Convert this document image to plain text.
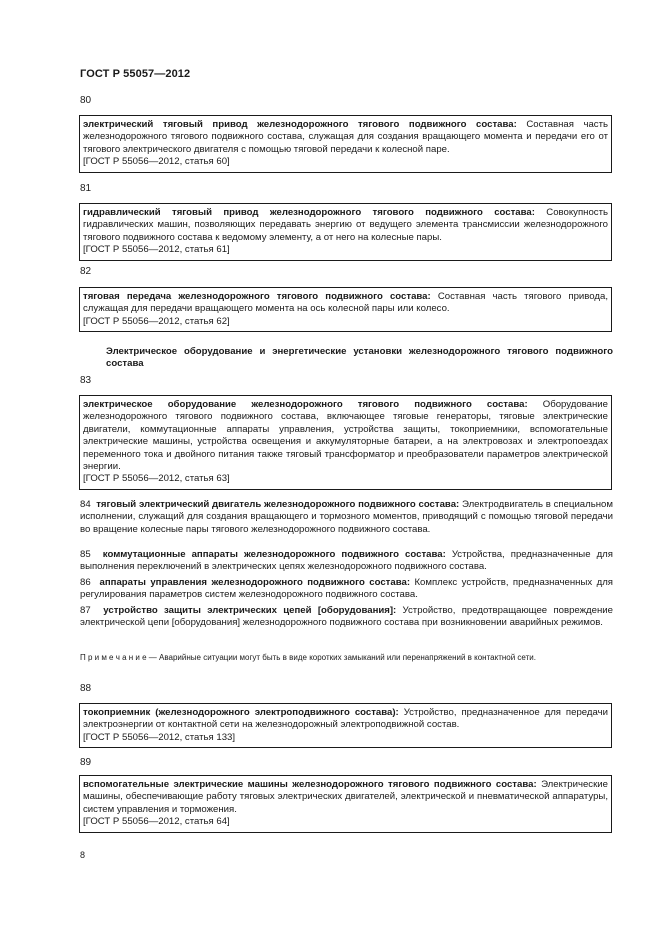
ГОСТ Р 55057—2012
80
электрический тяговый привод железнодорожного тягового подвижного состава: Составная часть железнодорожного тягового подвижного состава, служащая для создания вращающего момента и передачи его от тягового электрического двигателя с помощью тяговой передачи к колесной паре.
[ГОСТ Р 55056—2012, статья 60]
81
гидравлический тяговый привод железнодорожного тягового подвижного состава: Совокупность гидравлических машин, позволяющих передавать энергию от ведущего элемента трансмиссии железнодорожного тягового подвижного состава к ведомому элементу, а от него на колесные пары.
[ГОСТ Р 55056—2012, статья 61]
82
тяговая передача железнодорожного тягового подвижного состава: Составная часть тягового привода, служащая для передачи вращающего момента на ось колесной пары или колесо.
[ГОСТ Р 55056—2012, статья 62]
Электрическое оборудование и энергетические установки железнодорожного тягового подвижного состава
83
электрическое оборудование железнодорожного тягового подвижного состава: Оборудование железнодорожного тягового подвижного состава, включающее тяговые генераторы, тяговые электрические двигатели, коммутационные аппараты управления, устройства защиты, токоприемники, вспомогательные электрические машины, устройства освещения и аккумуляторные батареи, а на электровозах и электропоездах переменного тока и двойного питания также тяговый трансформатор и преобразователи параметров электрической энергии.
[ГОСТ Р 55056—2012, статья 63]
84 тяговый электрический двигатель железнодорожного подвижного состава: Электродвигатель в специальном исполнении, служащий для создания вращающего и тормозного моментов, приводящий с помощью тяговой передачи во вращение колесные пары тягового железнодорожного подвижного состава.
85 коммутационные аппараты железнодорожного подвижного состава: Устройства, предназначенные для выполнения переключений в электрических цепях железнодорожного подвижного состава.
86 аппараты управления железнодорожного подвижного состава: Комплекс устройств, предназначенных для регулирования параметров систем железнодорожного подвижного состава.
87 устройство защиты электрических цепей [оборудования]: Устройство, предотвращающее повреждение электрической цепи [оборудования] железнодорожного подвижного состава при возникновении аварийных режимов.
П р и м е ч а н и е — Аварийные ситуации могут быть в виде коротких замыканий или перенапряжений в контактной сети.
88
токоприемник (железнодорожного электроподвижного состава): Устройство, предназначенное для передачи электроэнергии от контактной сети на железнодорожный электроподвижной состав.
[ГОСТ Р 55056—2012, статья 133]
89
вспомогательные электрические машины железнодорожного тягового подвижного состава: Электрические машины, обеспечивающие работу тяговых электрических двигателей, электрической и пневматической аппаратуры, систем управления и торможения.
[ГОСТ Р 55056—2012, статья 64]
8
